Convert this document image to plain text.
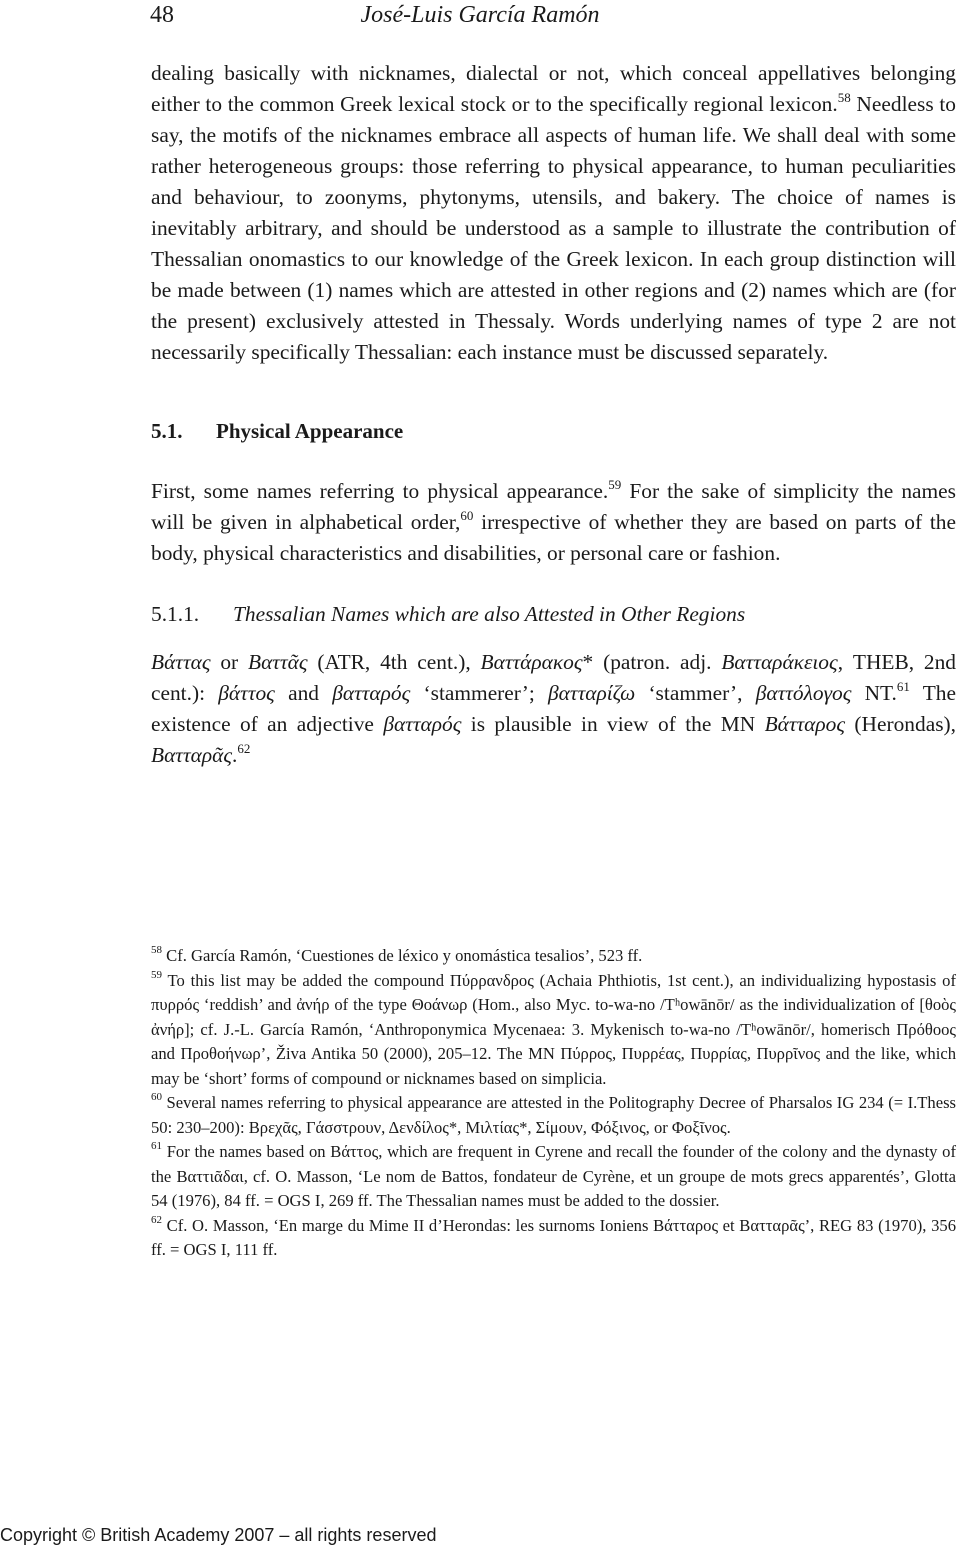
48	José-Luis García Ramón

dealing basically with nicknames, dialectal or not, which conceal appellatives belonging either to the common Greek lexical stock or to the specifically regional lexicon.$^{58}$ Needless to say, the motifs of the nicknames embrace all aspects of human life. We shall deal with some rather heterogeneous groups: those referring to physical appearance, to human peculiarities and behaviour, to zoonyms, phytonyms, utensils, and bakery. The choice of names is inevitably arbitrary, and should be understood as a sample to illustrate the contribution of Thessalian onomastics to our knowledge of the Greek lexicon. In each group distinction will be made between (1) names which are attested in other regions and (2) names which are (for the present) exclusively attested in Thessaly. Words underlying names of type 2 are not necessarily specifically Thessalian: each instance must be discussed separately.

5.1. Physical Appearance

First, some names referring to physical appearance.$^{59}$ For the sake of simplicity the names will be given in alphabetical order,$^{60}$ irrespective of whether they are based on parts of the body, physical characteristics and disabilities, or personal care or fashion.

5.1.1. Thessalian Names which are also Attested in Other Regions

Βάττας or Βαττᾶς (ATR, 4th cent.), Βαττάρακος* (patron. adj. Βατταράκειος, THEB, 2nd cent.): βάττος and βατταρός ‘stammerer’; βατταρίζω ‘stammer’, βαττόλογος NT.$^{61}$ The existence of an adjective βατταρός is plausible in view of the MN Βάτταρος (Herondas), Βατταρᾶς.$^{62}$

$^{58}$ Cf. García Ramón, ‘Cuestiones de léxico y onomástica tesalios’, 523 ff.

$^{59}$ To this list may be added the compound Πύρρανδρος (Achaia Phthiotis, 1st cent.), an individualizing hypostasis of πυρρός ‘reddish’ and ἀνήρ of the type Θοάνωρ (Hom., also Myc. to-wa-no /Tʰowānōr/ as the individualization of [θοὸς ἀνήρ]; cf. J.-L. García Ramón, ‘Anthroponymica Mycenaea: 3. Mykenisch to-wa-no /Tʰowānōr/, homerisch Πρόθοος and Προθοήνωρ’, Živa Antika 50 (2000), 205–12. The MN Πύρρος, Πυρρέας, Πυρρίας, Πυρρῖνος and the like, which may be ‘short’ forms of compound or nicknames based on simplicia.

$^{60}$ Several names referring to physical appearance are attested in the Politography Decree of Pharsalos IG 234 (= I.Thess 50: 230–200): Βρεχᾶς, Γάσστρουν, Δενδίλος*, Μιλτίας*, Σίμουν, Φόξινος, or Φοξῖνος.

$^{61}$ For the names based on Βάττος, which are frequent in Cyrene and recall the founder of the colony and the dynasty of the Βαττιᾶδαι, cf. O. Masson, ‘Le nom de Battos, fondateur de Cyrène, et un groupe de mots grecs apparentés’, Glotta 54 (1976), 84 ff. = OGS I, 269 ff. The Thessalian names must be added to the dossier.

$^{62}$ Cf. O. Masson, ‘En marge du Mime II d’Herondas: les surnoms Ioniens Βάτταρος et Βατταρᾶς’, REG 83 (1970), 356 ff. = OGS I, 111 ff.

Copyright © British Academy 2007 – all rights reserved
